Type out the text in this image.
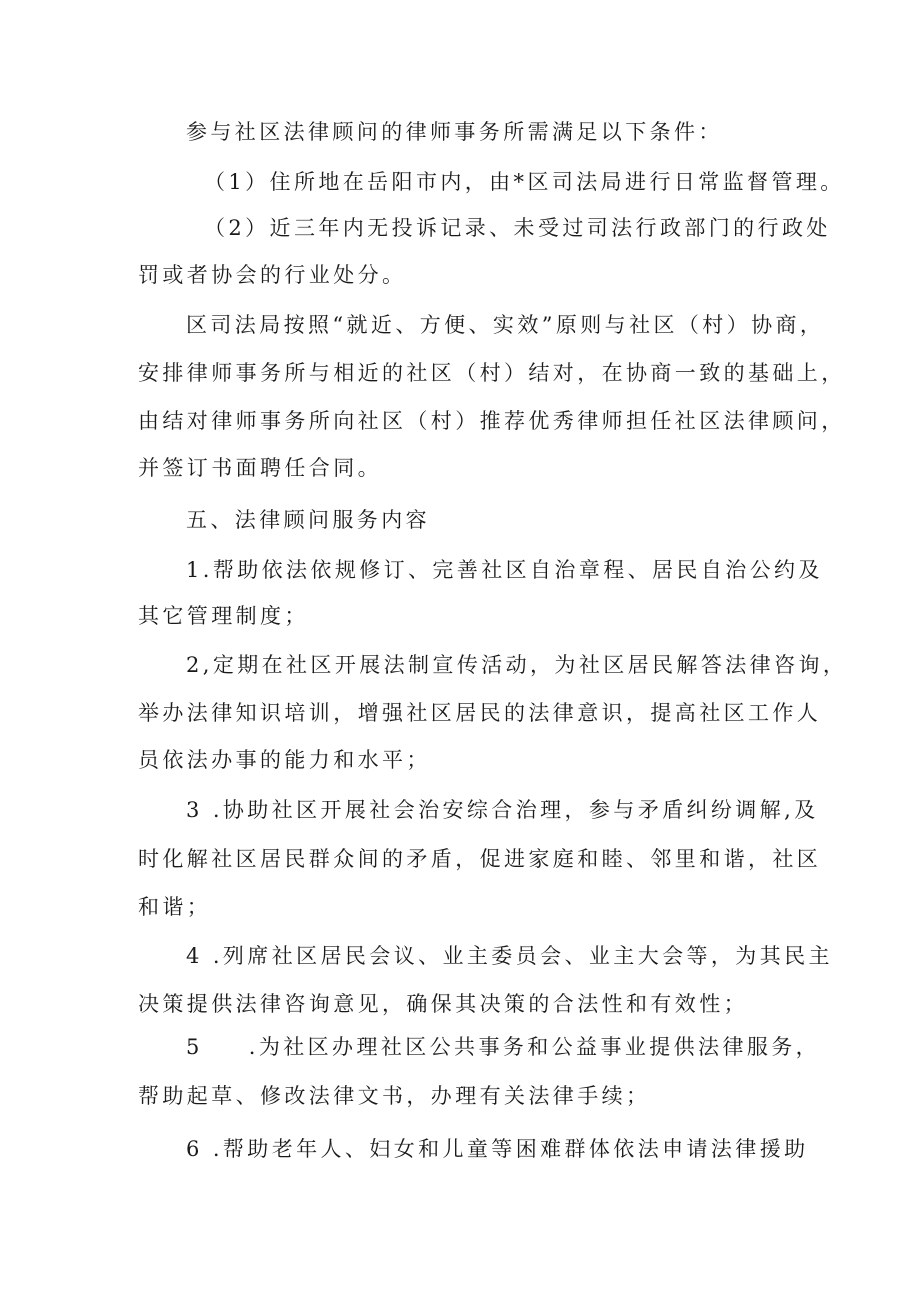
参与社区法律顾问的律师事务所需满足以下条件：
（1）住所地在岳阳市内，由*区司法局进行日常监督管理。
（2）近三年内无投诉记录、未受过司法行政部门的行政处
罚或者协会的行业处分。
区司法局按照“就近、方便、实效”原则与社区（村）协商，
安排律师事务所与相近的社区（村）结对，在协商一致的基础上，
由结对律师事务所向社区（村）推荐优秀律师担任社区法律顾问，
并签订书面聘任合同。
五、法律顾问服务内容
1.帮助依法依规修订、完善社区自治章程、居民自治公约及
其它管理制度；
2,定期在社区开展法制宣传活动，为社区居民解答法律咨询，
举办法律知识培训，增强社区居民的法律意识，提高社区工作人
员依法办事的能力和水平；
3 .协助社区开展社会治安综合治理，参与矛盾纠纷调解,及
时化解社区居民群众间的矛盾，促进家庭和睦、邻里和谐，社区
和谐；
4 .列席社区居民会议、业主委员会、业主大会等，为其民主
决策提供法律咨询意见，确保其决策的合法性和有效性；
5 .为社区办理社区公共事务和公益事业提供法律服务，
帮助起草、修改法律文书，办理有关法律手续；
6 .帮助老年人、妇女和儿童等困难群体依法申请法律援助
